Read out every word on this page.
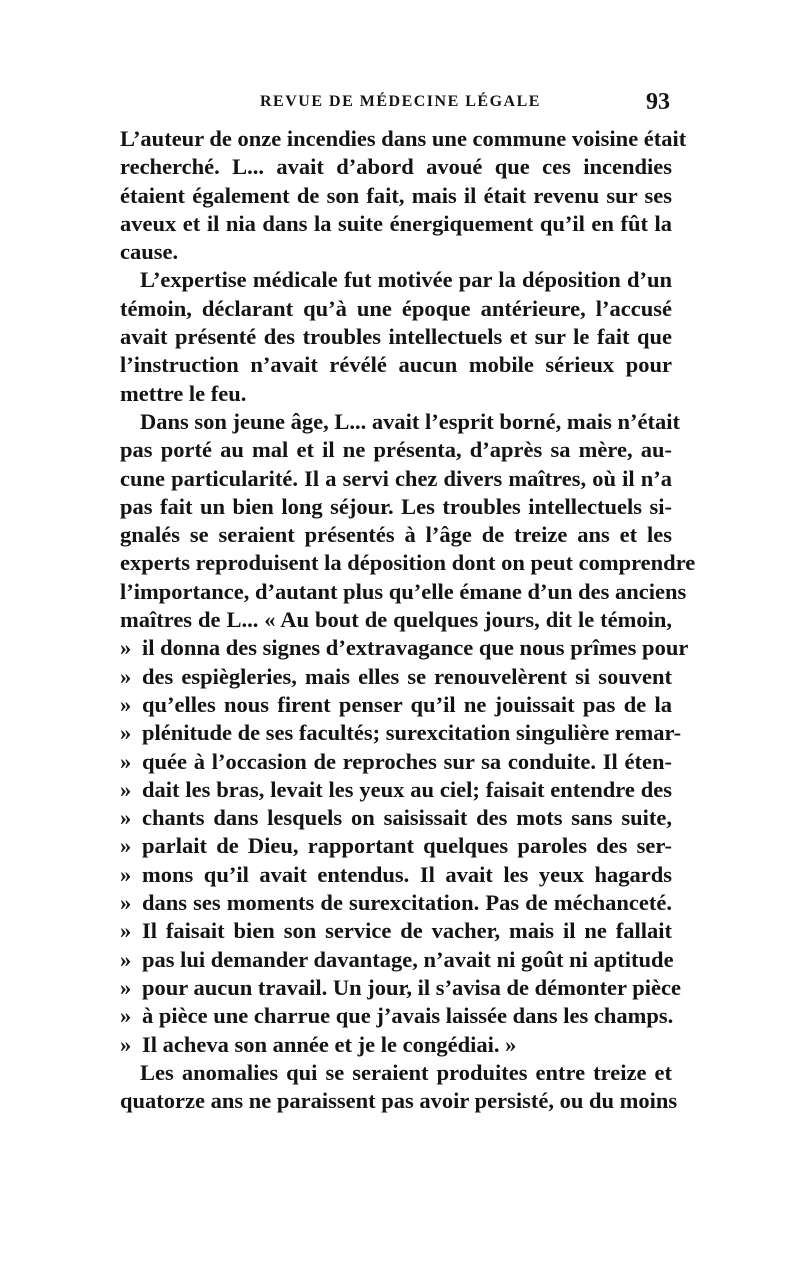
REVUE DE MÉDECINE LÉGALE	93
L’auteur de onze incendies dans une commune voisine était
recherché. L... avait d’abord avoué que ces incendies
étaient également de son fait, mais il était revenu sur ses
aveux et il nia dans la suite énergiquement qu’il en fût la
cause.
L’expertise médicale fut motivée par la déposition d’un
témoin, déclarant qu’à une époque antérieure, l’accusé
avait présenté des troubles intellectuels et sur le fait que
l’instruction n’avait révélé aucun mobile sérieux pour
mettre le feu.
Dans son jeune âge, L... avait l’esprit borné, mais n’était
pas porté au mal et il ne présenta, d’après sa mère, au-
cune particularité. Il a servi chez divers maîtres, où il n’a
pas fait un bien long séjour. Les troubles intellectuels si-
gnalés se seraient présentés à l’âge de treize ans et les
experts reproduisent la déposition dont on peut comprendre
l’importance, d’autant plus qu’elle émane d’un des anciens
maîtres de L... « Au bout de quelques jours, dit le témoin,
» il donna des signes d’extravagance que nous prîmes pour
» des espiègleries, mais elles se renouvelèrent si souvent
» qu’elles nous firent penser qu’il ne jouissait pas de la
» plénitude de ses facultés; surexcitation singulière remar-
» quée à l’occasion de reproches sur sa conduite. Il éten-
» dait les bras, levait les yeux au ciel; faisait entendre des
» chants dans lesquels on saisissait des mots sans suite,
» parlait de Dieu, rapportant quelques paroles des ser-
» mons qu’il avait entendus. Il avait les yeux hagards
» dans ses moments de surexcitation. Pas de méchanceté.
» Il faisait bien son service de vacher, mais il ne fallait
» pas lui demander davantage, n’avait ni goût ni aptitude
» pour aucun travail. Un jour, il s’avisa de démonter pièce
» à pièce une charrue que j’avais laissée dans les champs.
» Il acheva son année et je le congédiai. »
Les anomalies qui se seraient produites entre treize et
quatorze ans ne paraissent pas avoir persisté, ou du moins
